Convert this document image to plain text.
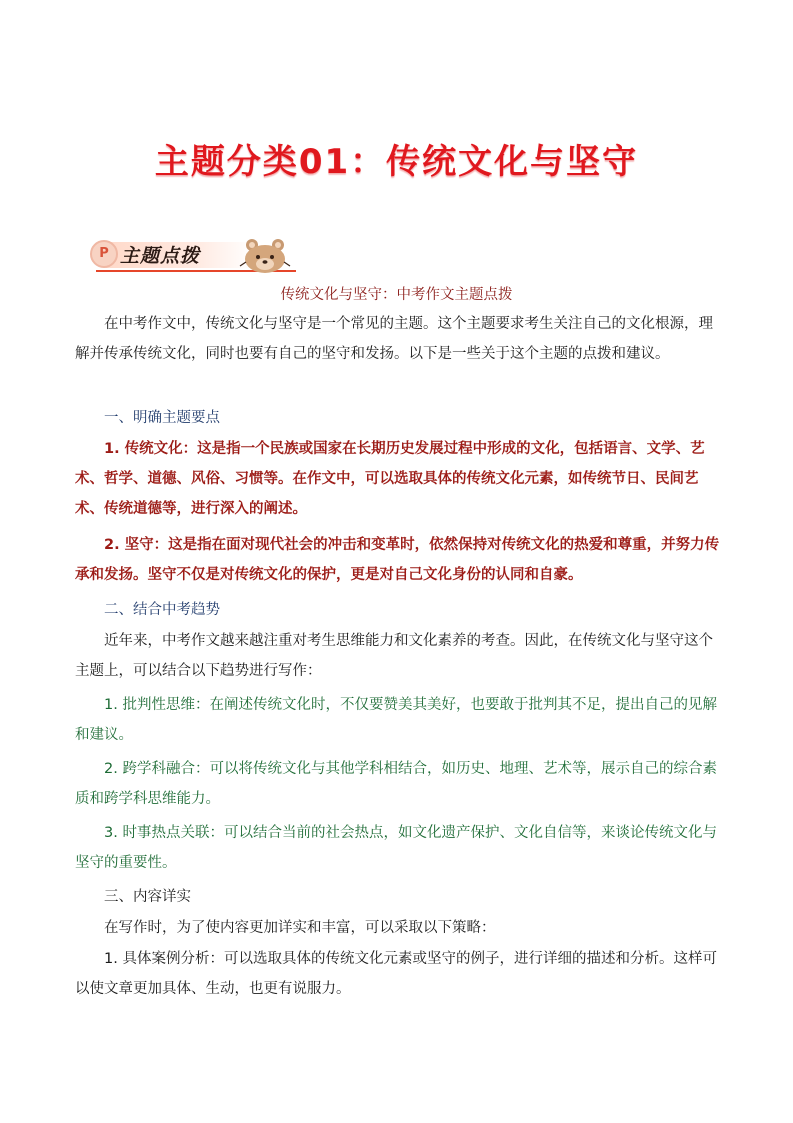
主题分类01：传统文化与坚守
P 主题点拨
传统文化与坚守：中考作文主题点拨

在中考作文中，传统文化与坚守是一个常见的主题。这个主题要求考生关注自己的文化根源，理解并传承传统文化，同时也要有自己的坚守和发扬。以下是一些关于这个主题的点拨和建议。

一、明确主题要点

1. 传统文化：这是指一个民族或国家在长期历史发展过程中形成的文化，包括语言、文学、艺术、哲学、道德、风俗、习惯等。在作文中，可以选取具体的传统文化元素，如传统节日、民间艺术、传统道德等，进行深入的阐述。

2. 坚守：这是指在面对现代社会的冲击和变革时，依然保持对传统文化的热爱和尊重，并努力传承和发扬。坚守不仅是对传统文化的保护，更是对自己文化身份的认同和自豪。

二、结合中考趋势

近年来，中考作文越来越注重对考生思维能力和文化素养的考查。因此，在传统文化与坚守这个主题上，可以结合以下趋势进行写作：

1. 批判性思维：在阐述传统文化时，不仅要赞美其美好，也要敢于批判其不足，提出自己的见解和建议。

2. 跨学科融合：可以将传统文化与其他学科相结合，如历史、地理、艺术等，展示自己的综合素质和跨学科思维能力。

3. 时事热点关联：可以结合当前的社会热点，如文化遗产保护、文化自信等，来谈论传统文化与坚守的重要性。

三、内容详实

在写作时，为了使内容更加详实和丰富，可以采取以下策略：

1. 具体案例分析：可以选取具体的传统文化元素或坚守的例子，进行详细的描述和分析。这样可以使文章更加具体、生动，也更有说服力。
